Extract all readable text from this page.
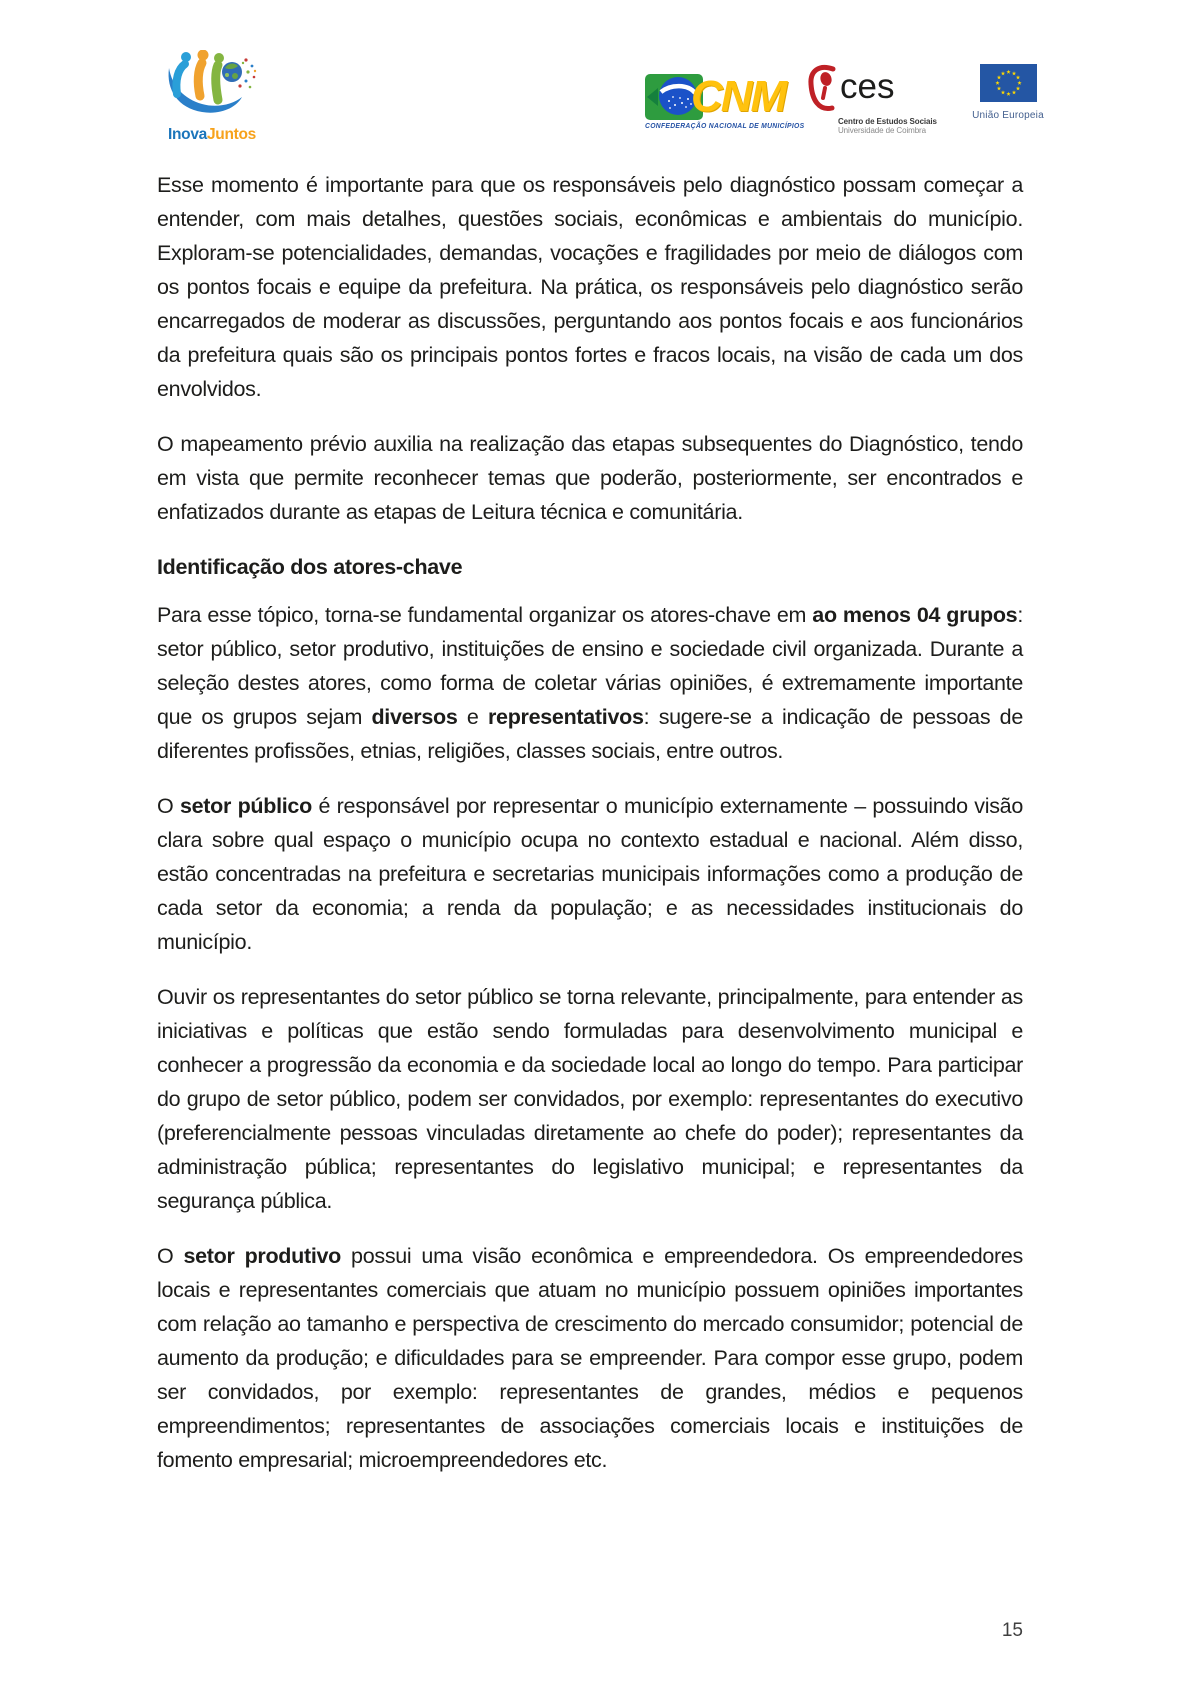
InovaJuntos
CNM
CONFEDERAÇÃO NACIONAL DE MUNICÍPIOS
ces
Centro de Estudos Sociais
Universidade de Coimbra
União Europeia

Esse momento é importante para que os responsáveis pelo diagnóstico possam começar a entender, com mais detalhes, questões sociais, econômicas e ambientais do município. Exploram-se potencialidades, demandas, vocações e fragilidades por meio de diálogos com os pontos focais e equipe da prefeitura. Na prática, os responsáveis pelo diagnóstico serão encarregados de moderar as discussões, perguntando aos pontos focais e aos funcionários da prefeitura quais são os principais pontos fortes e fracos locais, na visão de cada um dos envolvidos.

O mapeamento prévio auxilia na realização das etapas subsequentes do Diagnóstico, tendo em vista que permite reconhecer temas que poderão, posteriormente, ser encontrados e enfatizados durante as etapas de Leitura técnica e comunitária.

Identificação dos atores-chave

Para esse tópico, torna-se fundamental organizar os atores-chave em ao menos 04 grupos: setor público, setor produtivo, instituições de ensino e sociedade civil organizada. Durante a seleção destes atores, como forma de coletar várias opiniões, é extremamente importante que os grupos sejam diversos e representativos: sugere-se a indicação de pessoas de diferentes profissões, etnias, religiões, classes sociais, entre outros.

O setor público é responsável por representar o município externamente – possuindo visão clara sobre qual espaço o município ocupa no contexto estadual e nacional. Além disso, estão concentradas na prefeitura e secretarias municipais informações como a produção de cada setor da economia; a renda da população; e as necessidades institucionais do município.

Ouvir os representantes do setor público se torna relevante, principalmente, para entender as iniciativas e políticas que estão sendo formuladas para desenvolvimento municipal e conhecer a progressão da economia e da sociedade local ao longo do tempo. Para participar do grupo de setor público, podem ser convidados, por exemplo: representantes do executivo (preferencialmente pessoas vinculadas diretamente ao chefe do poder); representantes da administração pública; representantes do legislativo municipal; e representantes da segurança pública.

O setor produtivo possui uma visão econômica e empreendedora. Os empreendedores locais e representantes comerciais que atuam no município possuem opiniões importantes com relação ao tamanho e perspectiva de crescimento do mercado consumidor; potencial de aumento da produção; e dificuldades para se empreender. Para compor esse grupo, podem ser convidados, por exemplo: representantes de grandes, médios e pequenos empreendimentos; representantes de associações comerciais locais e instituições de fomento empresarial; microempreendedores etc.

15
